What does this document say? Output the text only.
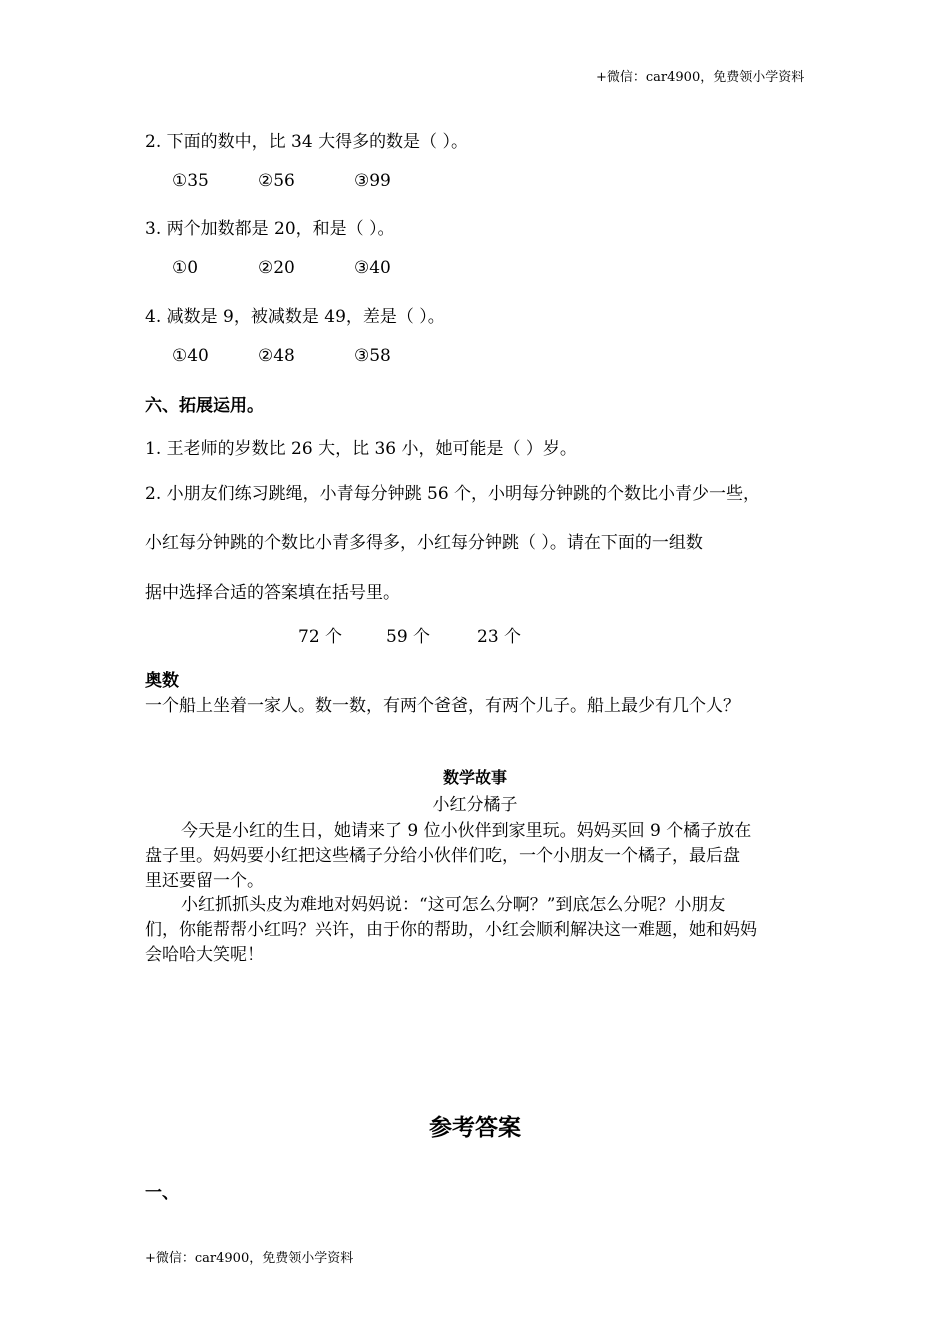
+微信：car4900，免费领小学资料
2. 下面的数中，比 34 大得多的数是（ ）。
①35	②56	③99
3. 两个加数都是 20，和是（ ）。
①0	②20	③40
4. 减数是 9，被减数是 49，差是（ ）。
①40	②48	③58
六、拓展运用。
1. 王老师的岁数比 26 大，比 36 小，她可能是（ ）岁。
2. 小朋友们练习跳绳，小青每分钟跳 56 个，小明每分钟跳的个数比小青少一些，
小红每分钟跳的个数比小青多得多，小红每分钟跳（ ）。请在下面的一组数
据中选择合适的答案填在括号里。
72 个	59 个	23 个
奥数
一个船上坐着一家人。数一数，有两个爸爸，有两个儿子。船上最少有几个人？
数学故事
小红分橘子
今天是小红的生日，她请来了 9 位小伙伴到家里玩。妈妈买回 9 个橘子放在
盘子里。妈妈要小红把这些橘子分给小伙伴们吃，一个小朋友一个橘子，最后盘
里还要留一个。
小红抓抓头皮为难地对妈妈说：“这可怎么分啊？”到底怎么分呢？小朋友
们，你能帮帮小红吗？兴许，由于你的帮助，小红会顺利解决这一难题，她和妈妈
会哈哈大笑呢！
参考答案
一、
+微信：car4900，免费领小学资料
